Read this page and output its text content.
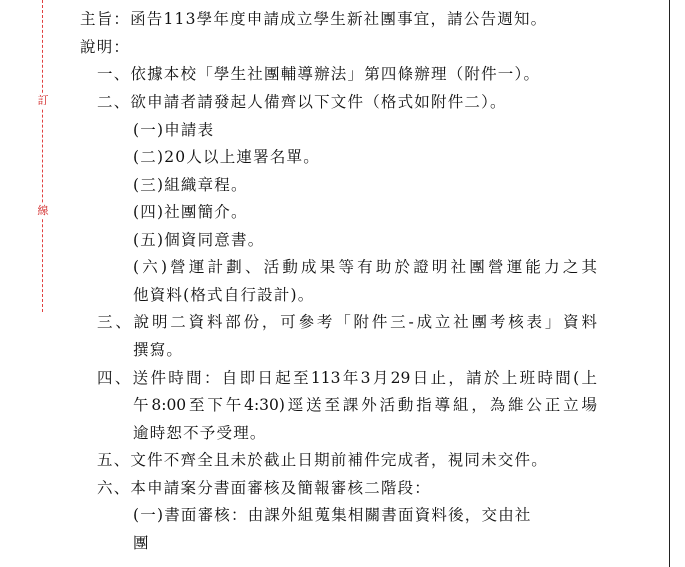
訂
線
主旨：函告113學年度申請成立學生新社團事宜，請公告週知。
說明：
一、依據本校「學生社團輔導辦法」第四條辦理（附件一）。
二、欲申請者請發起人備齊以下文件（格式如附件二）。
(一)申請表
(二)20人以上連署名單。
(三)組織章程。
(四)社團簡介。
(五)個資同意書。
(六)營運計劃、活動成果等有助於證明社團營運能力之其
他資料(格式自行設計)。
三、說明二資料部份，可參考「附件三-成立社團考核表」資料
撰寫。
四、送件時間：自即日起至113年3月29日止，請於上班時間(上
午8:00至下午4:30)逕送至課外活動指導組，為維公正立場
逾時恕不予受理。
五、文件不齊全且未於截止日期前補件完成者，視同未交件。
六、本申請案分書面審核及簡報審核二階段：
(一)書面審核：由課外組蒐集相關書面資料後，交由社
團
